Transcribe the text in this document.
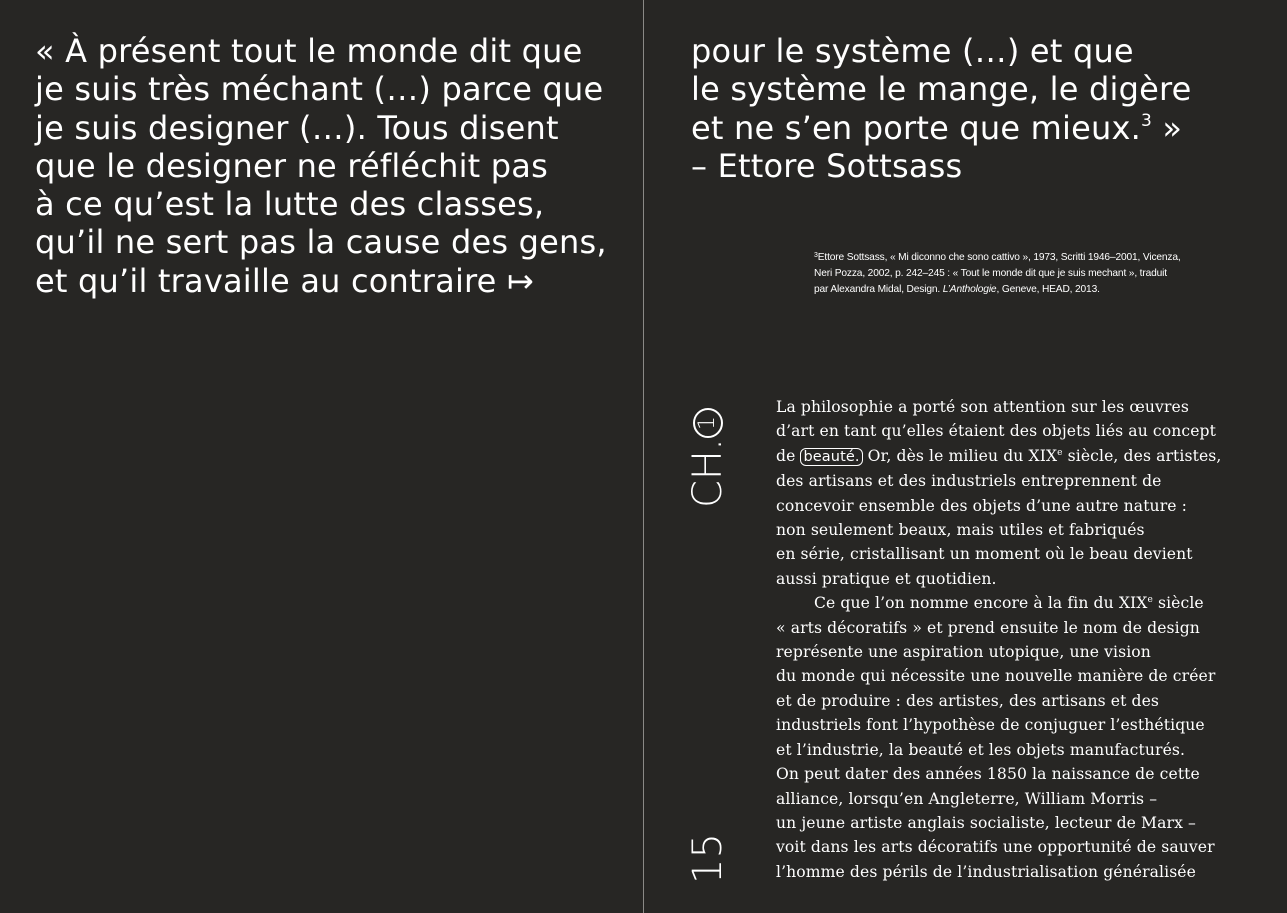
« À présent tout le monde dit que
je suis très méchant (…) parce que
je suis designer (…). Tous disent
que le designer ne réfléchit pas
à ce qu’est la lutte des classes,
qu’il ne sert pas la cause des gens,
et qu’il travaille au contraire ↦
pour le système (…) et que
le système le mange, le digère
et ne s’en porte que mieux.$^3$ »
– Ettore Sottsass
$^3$Ettore Sottsass, « Mi diconno che sono cattivo », 1973, Scritti 1946–2001, Vicenza,
Neri Pozza, 2002, p. 242–245 : « Tout le monde dit que je suis mechant », traduit
par Alexandra Midal, Design. L’Anthologie, Geneve, HEAD, 2013.
CH.1
15
La philosophie a porté son attention sur les œuvres
d’art en tant qu’elles étaient des objets liés au concept
de beauté. Or, dès le milieu du XIXe siècle, des artistes,
des artisans et des industriels entreprennent de
concevoir ensemble des objets d’une autre nature :
non seulement beaux, mais utiles et fabriqués
en série, cristallisant un moment où le beau devient
aussi pratique et quotidien.
Ce que l’on nomme encore à la fin du XIXe siècle
« arts décoratifs » et prend ensuite le nom de design
représente une aspiration utopique, une vision
du monde qui nécessite une nouvelle manière de créer
et de produire : des artistes, des artisans et des
industriels font l’hypothèse de conjuguer l’esthétique
et l’industrie, la beauté et les objets manufacturés.
On peut dater des années 1850 la naissance de cette
alliance, lorsqu’en Angleterre, William Morris –
un jeune artiste anglais socialiste, lecteur de Marx –
voit dans les arts décoratifs une opportunité de sauver
l’homme des périls de l’industrialisation généralisée
